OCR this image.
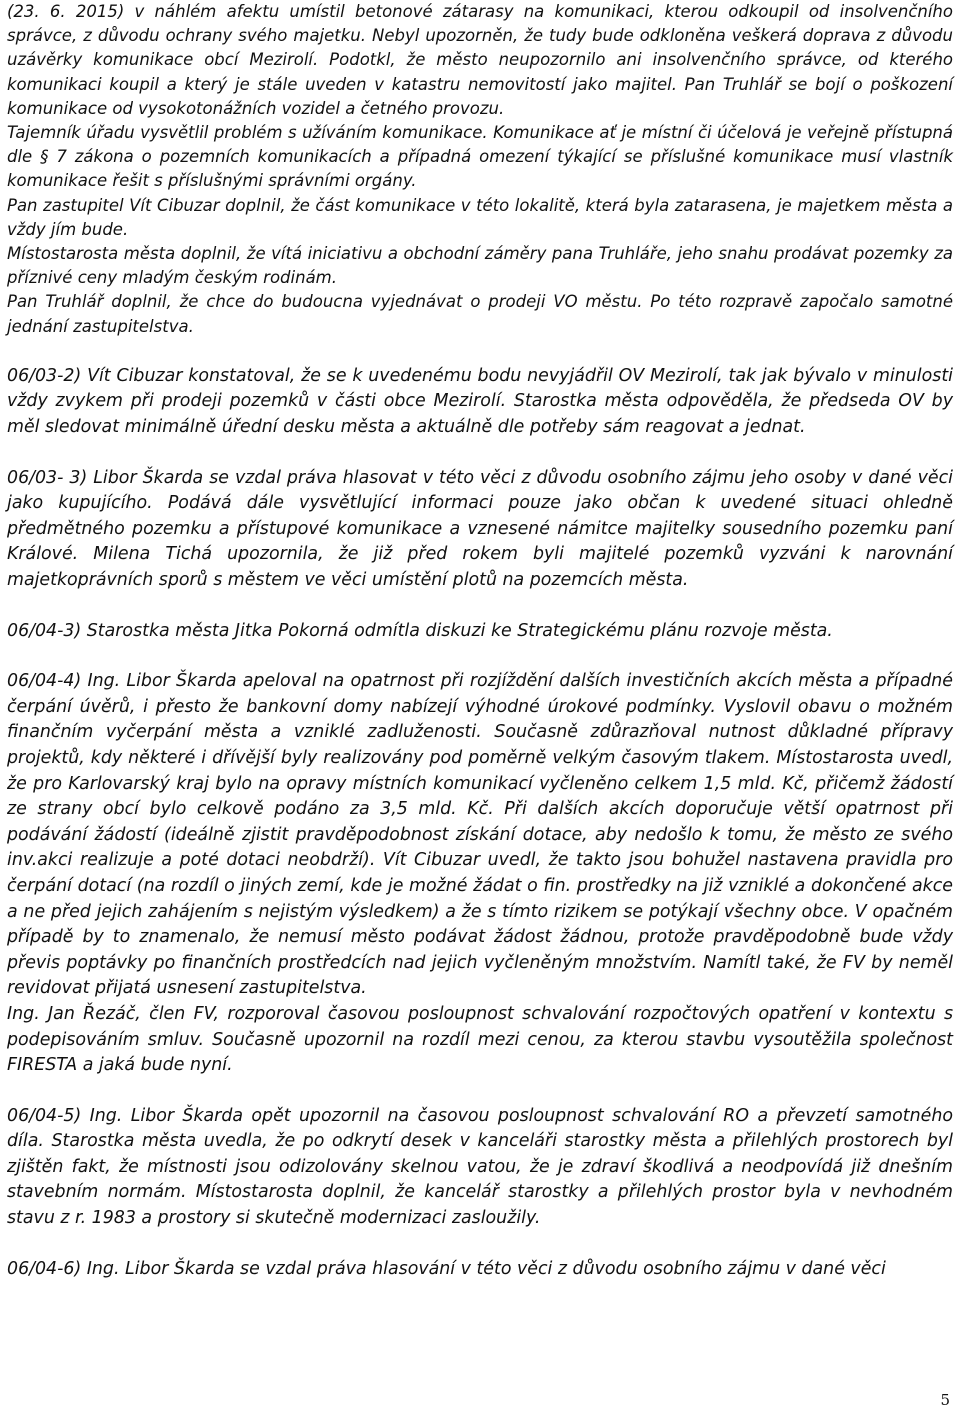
(23. 6. 2015) v náhlém afektu umístil betonové zátarasy na komunikaci, kterou odkoupil od insolvenčního správce, z důvodu ochrany svého majetku. Nebyl upozorněn, že tudy bude odkloněna veškerá doprava z důvodu uzávěrky komunikace obcí Mezirolí. Podotkl, že město neupozornilo ani insolvenčního správce, od kterého komunikaci koupil a který je stále uveden v katastru nemovitostí jako majitel. Pan Truhlář se bojí o poškození komunikace od vysokotonážních vozidel a četného provozu.

Tajemník úřadu vysvětlil problém s užíváním komunikace. Komunikace ať je místní či účelová je veřejně přístupná dle § 7 zákona o pozemních komunikacích a případná omezení týkající se příslušné komunikace musí vlastník komunikace řešit s příslušnými správními orgány.

Pan zastupitel Vít Cibuzar doplnil, že část komunikace v této lokalitě, která byla zatarasena, je majetkem města a vždy jím bude.

Místostarosta města doplnil, že vítá iniciativu a obchodní záměry pana Truhláře, jeho snahu prodávat pozemky za příznivé ceny mladým českým rodinám.

Pan Truhlář doplnil, že chce do budoucna vyjednávat o prodeji VO městu. Po této rozpravě započalo samotné jednání zastupitelstva.

06/03-2) Vít Cibuzar konstatoval, že se k uvedenému bodu nevyjádřil OV Mezirolí, tak jak bývalo v minulosti vždy zvykem při prodeji pozemků v části obce Mezirolí. Starostka města odpověděla, že předseda OV by měl sledovat minimálně úřední desku města a aktuálně dle potřeby sám reagovat a jednat.

06/03- 3) Libor Škarda se vzdal práva hlasovat v této věci z důvodu osobního zájmu jeho osoby v dané věci jako kupujícího. Podává dále vysvětlující informaci pouze jako občan k uvedené situaci ohledně předmětného pozemku a přístupové komunikace a vznesené námitce majitelky sousedního pozemku paní Králové. Milena Tichá upozornila, že již před rokem byli majitelé pozemků vyzváni k narovnání majetkoprávních sporů s městem ve věci umístění plotů na pozemcích města.

06/04-3) Starostka města Jitka Pokorná odmítla diskuzi ke Strategickému plánu rozvoje města.

06/04-4) Ing. Libor Škarda apeloval na opatrnost při rozjíždění dalších investičních akcích města a případné čerpání úvěrů, i přesto že bankovní domy nabízejí výhodné úrokové podmínky. Vyslovil obavu o možném finančním vyčerpání města a vzniklé zadluženosti. Současně zdůrazňoval nutnost důkladné přípravy projektů, kdy některé i dřívější byly realizovány pod poměrně velkým časovým tlakem. Místostarosta uvedl, že pro Karlovarský kraj bylo na opravy místních komunikací vyčleněno celkem 1,5 mld. Kč, přičemž žádostí ze strany obcí bylo celkově podáno za 3,5 mld. Kč. Při dalších akcích doporučuje větší opatrnost při podávání žádostí (ideálně zjistit pravděpodobnost získání dotace, aby nedošlo k tomu, že město ze svého inv.akci realizuje a poté dotaci neobdrží). Vít Cibuzar uvedl, že takto jsou bohužel nastavena pravidla pro čerpání dotací (na rozdíl o jiných zemí, kde je možné žádat o fin. prostředky na již vzniklé a dokončené akce a ne před jejich zahájením s nejistým výsledkem) a že s tímto rizikem se potýkají všechny obce. V opačném případě by to znamenalo, že nemusí město podávat žádost žádnou, protože pravděpodobně bude vždy převis poptávky po finančních prostředcích nad jejich vyčleněným množstvím. Namítl také, že FV by neměl revidovat přijatá usnesení zastupitelstva.

Ing. Jan Řezáč, člen FV, rozporoval časovou posloupnost schvalování rozpočtových opatření v kontextu s podepisováním smluv. Současně upozornil na rozdíl mezi cenou, za kterou stavbu vysoutěžila společnost FIRESTA a jaká bude nyní.

06/04-5) Ing. Libor Škarda opět upozornil na časovou posloupnost schvalování RO a převzetí samotného díla. Starostka města uvedla, že po odkrytí desek v kanceláři starostky města a přilehlých prostorech byl zjištěn fakt, že místnosti jsou odizolovány skelnou vatou, že je zdraví škodlivá a neodpovídá již dnešním stavebním normám. Místostarosta doplnil, že kancelář starostky a přilehlých prostor byla v nevhodném stavu z r. 1983 a prostory si skutečně modernizaci zasloužily.

06/04-6) Ing. Libor Škarda se vzdal práva hlasování v této věci z důvodu osobního zájmu v dané věci

5
